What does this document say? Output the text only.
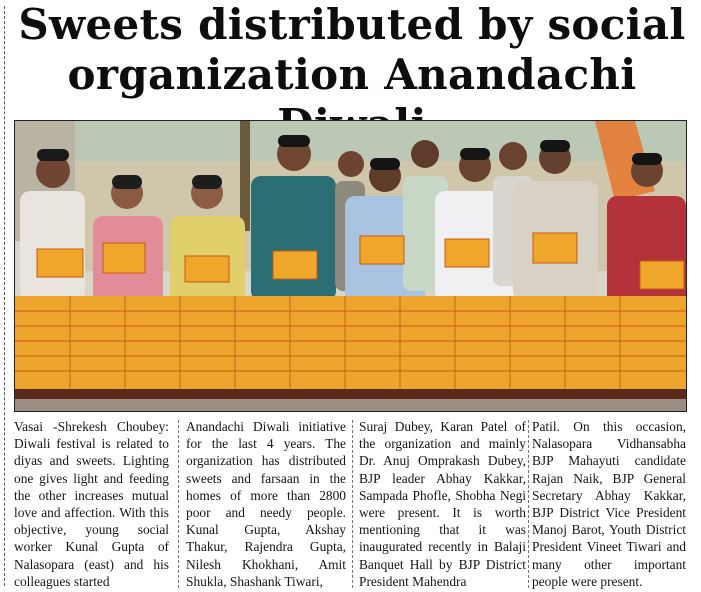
Sweets distributed by social
organization Anandachi

Vasai -Shrekesh Choubey: Diwali festival is related to diyas and sweets. Lighting one gives light and feeding the other increases mutual love and affection. With this objective, young social worker Kunal Gupta of Nalasopara (east) and his colleagues started

Anandachi Diwali initiative for the last 4 years. The organization has distributed sweets and farsaan in the homes of more than 2800 poor and needy people. Kunal Gupta, Akshay Thakur, Rajendra Gupta, Nilesh Khokhani, Amit Shukla, Shashank Tiwari,

Suraj Dubey, Karan Patel of the organization and mainly Dr. Anuj Omprakash Dubey, BJP leader Abhay Kakkar, Sampada Phofle, Shobha Negi were present. It is worth mentioning that it was inaugurated recently in Balaji Banquet Hall by BJP District President Mahendra

Patil. On this occasion, Nalasopara Vidhansabha BJP Mahayuti candidate Rajan Naik, BJP General Secretary Abhay Kakkar, BJP District Vice President Manoj Barot, Youth District President Vineet Tiwari and many other important people were present.
